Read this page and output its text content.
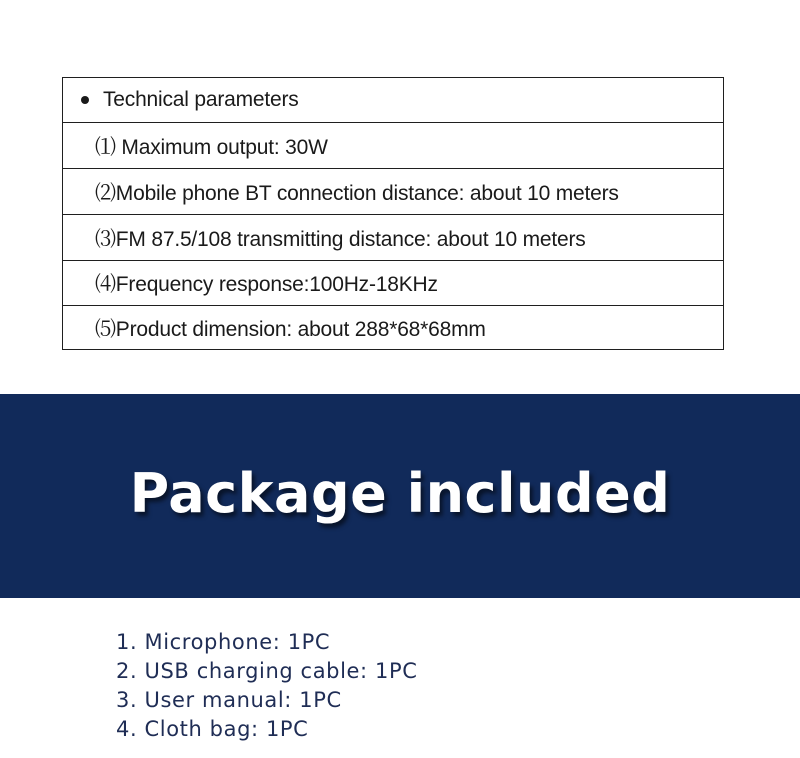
Technical parameters
⑴ Maximum output: 30W
⑵Mobile phone BT connection distance: about 10 meters
⑶FM 87.5/108 transmitting distance: about 10 meters
⑷Frequency response:100Hz-18KHz
⑸Product dimension: about 288*68*68mm
Package included
1. Microphone: 1PC
2. USB charging cable: 1PC
3. User manual: 1PC
4. Cloth bag: 1PC
